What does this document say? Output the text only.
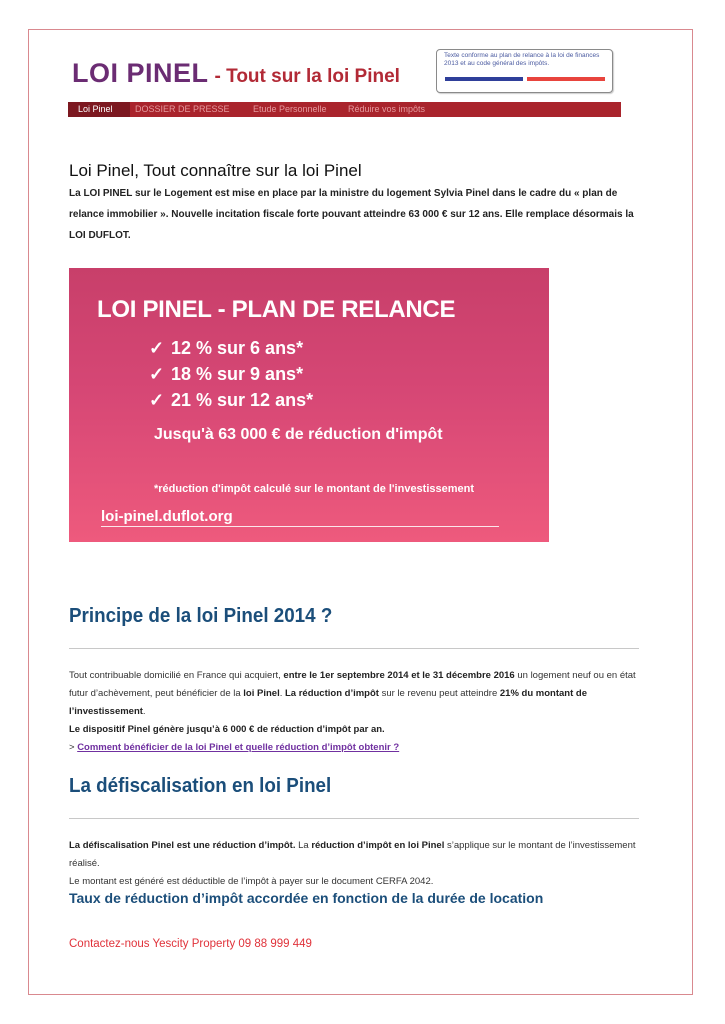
LOI PINEL - Tout sur la loi Pinel
Texte conforme au plan de relance à la loi de finances 2013 et au code général des impôts.
Loi Pinel	DOSSIER DE PRESSE	Etude Personnelle Réduire vos impôts
Loi Pinel, Tout connaître sur la loi Pinel

La LOI PINEL sur le Logement est mise en place par la ministre du logement Sylvia Pinel dans le cadre du « plan de relance immobilier ». Nouvelle incitation fiscale forte pouvant atteindre 63 000 € sur 12 ans. Elle remplace désormais la LOI DUFLOT.

LOI PINEL - PLAN DE RELANCE
✓ 12 % sur 6 ans*
✓ 18 % sur 9 ans*
✓ 21 % sur 12 ans*
Jusqu'à 63 000 € de réduction d'impôt
*réduction d'impôt calculé sur le montant de l'investissement
loi-pinel.duflot.org
Principe de la loi Pinel 2014 ?

Tout contribuable domicilié en France qui acquiert, entre le 1er septembre 2014 et le 31 décembre 2016 un logement neuf ou en état futur d’achèvement, peut bénéficier de la loi Pinel. La réduction d’impôt sur le revenu peut atteindre 21% du montant de l’investissement.
Le dispositif Pinel génère jusqu’à 6 000 € de réduction d’impôt par an.
> Comment bénéficier de la loi Pinel et quelle réduction d’impôt obtenir ?

La défiscalisation en loi Pinel

La défiscalisation Pinel est une réduction d’impôt. La réduction d’impôt en loi Pinel s’applique sur le montant de l’investissement réalisé.
Le montant est généré est déductible de l’impôt à payer sur le document CERFA 2042.

Taux de réduction d’impôt accordée en fonction de la durée de location
Contactez-nous Yescity Property 09 88 999 449
